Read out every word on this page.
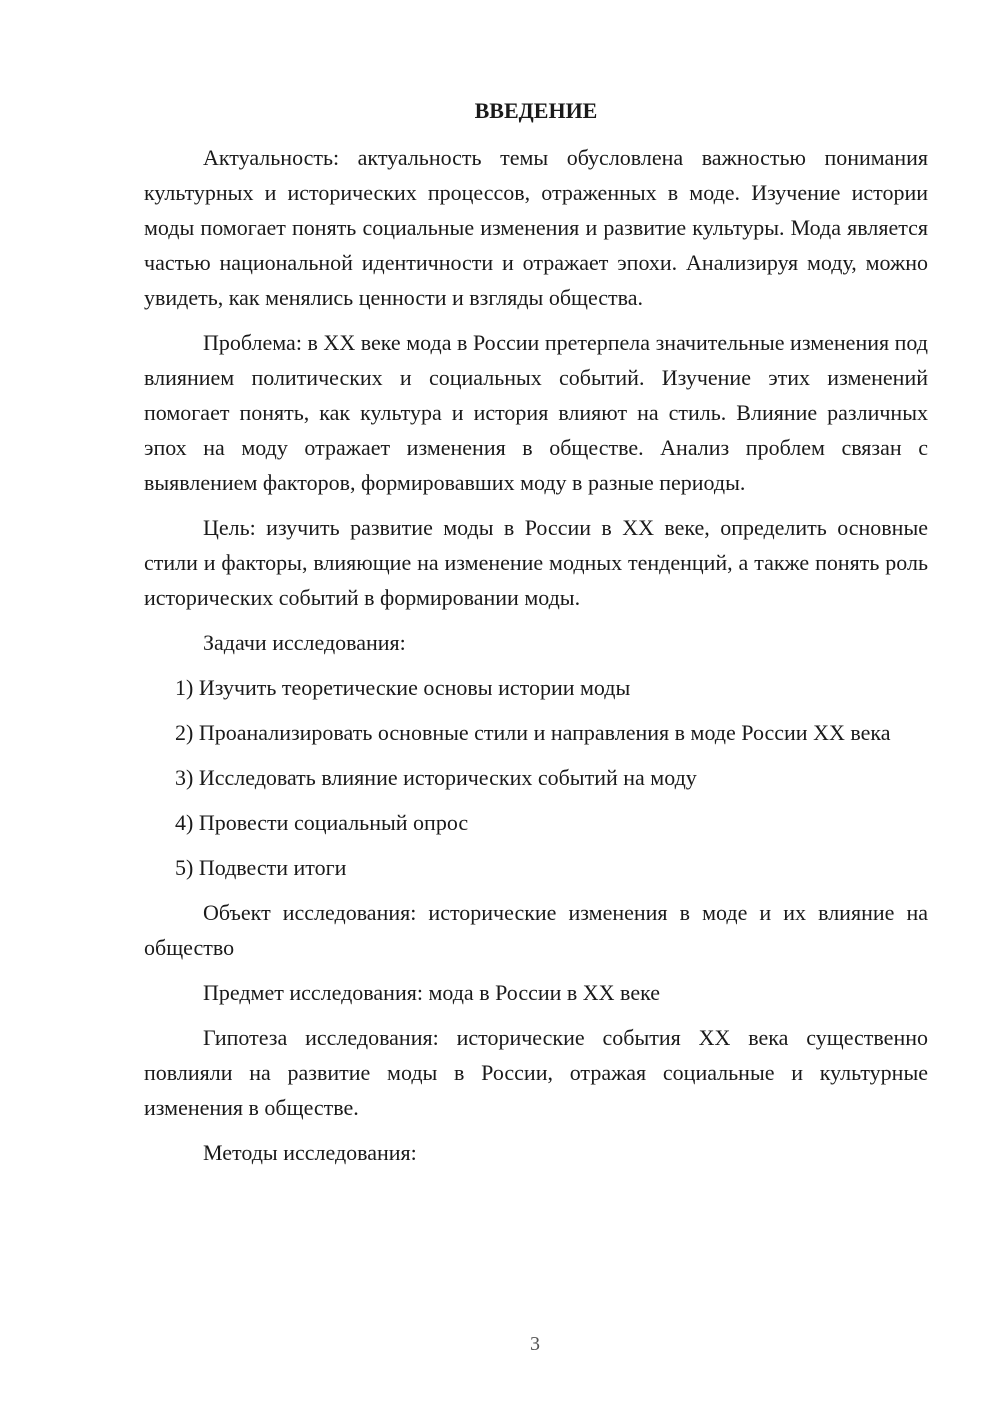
ВВЕДЕНИЕ

Актуальность: актуальность темы обусловлена важностью понимания культурных и исторических процессов, отраженных в моде. Изучение истории моды помогает понять социальные изменения и развитие культуры. Мода является частью национальной идентичности и отражает эпохи. Анализируя моду, можно увидеть, как менялись ценности и взгляды общества.

Проблема: в XX веке мода в России претерпела значительные изменения под влиянием политических и социальных событий. Изучение этих изменений помогает понять, как культура и история влияют на стиль. Влияние различных эпох на моду отражает изменения в обществе. Анализ проблем связан с выявлением факторов, формировавших моду в разные периоды.

Цель: изучить развитие моды в России в XX веке, определить основные стили и факторы, влияющие на изменение модных тенденций, а также понять роль исторических событий в формировании моды.

Задачи исследования:

1) Изучить теоретические основы истории моды

2) Проанализировать основные стили и направления в моде России XX века

3) Исследовать влияние исторических событий на моду

4) Провести социальный опрос

5) Подвести итоги

Объект исследования: исторические изменения в моде и их влияние на общество

Предмет исследования: мода в России в XX веке

Гипотеза исследования: исторические события XX века существенно повлияли на развитие моды в России, отражая социальные и культурные изменения в обществе.

Методы исследования:

3
